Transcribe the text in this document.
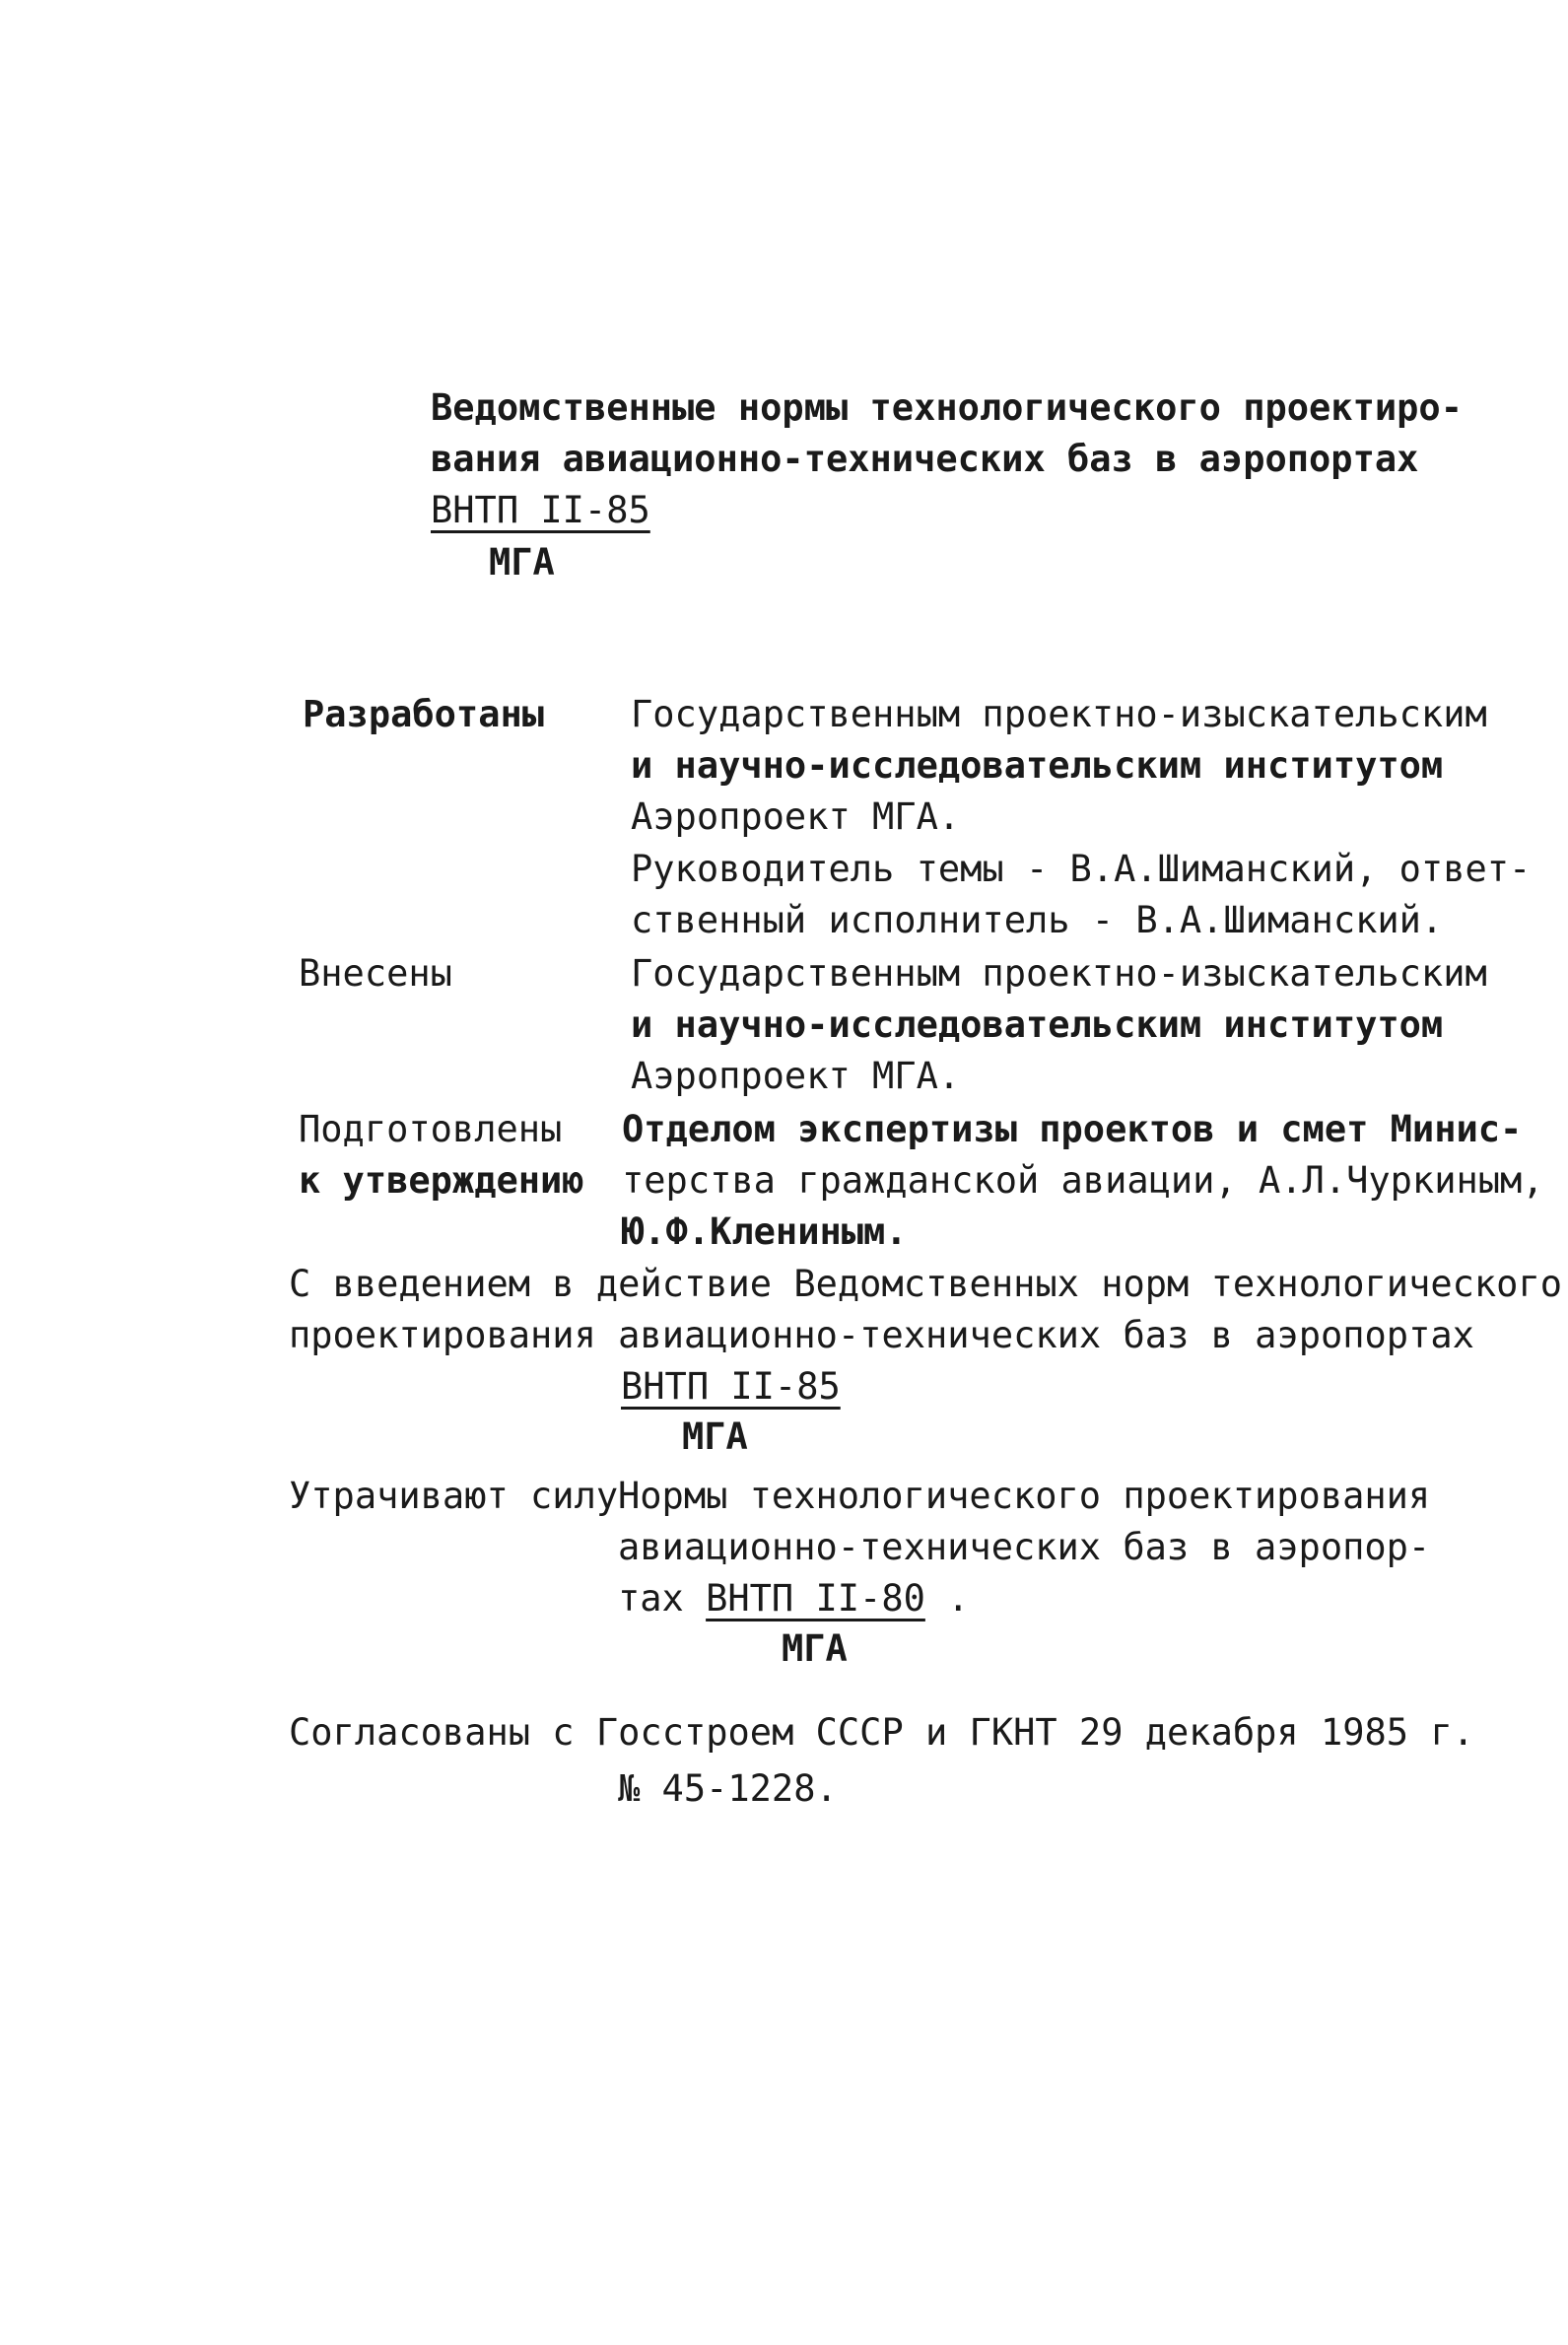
Ведомственные нормы технологического проектиро-
вания авиационно-технических баз в аэропортах
ВНТП II-85
МГА
Разработаны Государственным проектно-изыскательским
и научно-исследовательским институтом
Аэропроект МГА.
Руководитель темы - В.А.Шиманский, ответ-
ственный исполнитель - В.А.Шиманский.
Внесены	Государственным проектно-изыскательским
и научно-исследовательским институтом
Аэропроект МГА.
Подготовлены
к утверждению
Отделом экспертизы проектов и смет Минис-
терства гражданской авиации, А.Л.Чуркиным,
Ю.Ф.Клениным.
С введением в действие Ведомственных норм технологического
проектирования авиационно-технических баз в аэропортах
ВНТП II-85
МГА
Утрачивают силу Нормы технологического проектирования
авиационно-технических баз в аэропор-
тах ВНТП II-80 .
МГА
Согласованы с Госстроем СССР и ГКНТ 29 декабря 1985 г.
№ 45-1228.
